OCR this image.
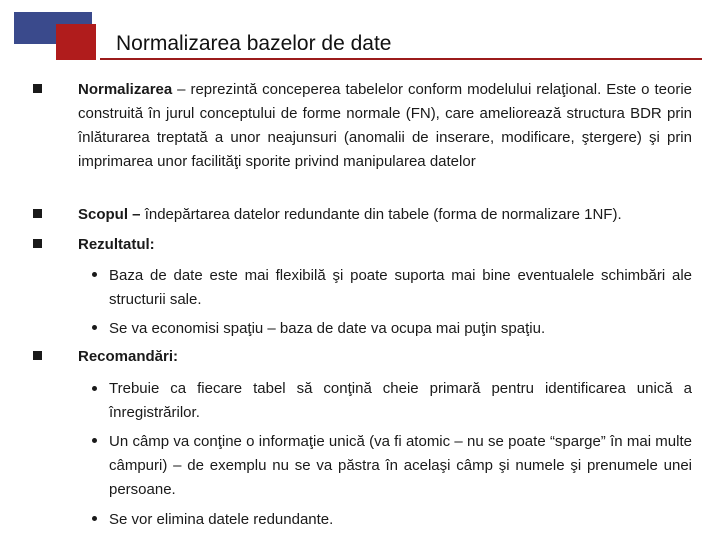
Normalizarea bazelor de date
Normalizarea – reprezintă conceperea tabelelor conform modelului relaţional. Este o teorie construită în jurul conceptului de forme normale (FN), care ameliorează structura BDR prin înlăturarea treptată a unor neajunsuri (anomalii de inserare, modificare, ştergere) şi prin imprimarea unor facilităţi sporite privind manipularea datelor
Scopul – îndepărtarea datelor redundante din tabele (forma de normalizare 1NF).
Rezultatul:
Baza de date este mai flexibilă şi poate suporta mai bine eventualele schimbări ale structurii sale.
Se va economisi spaţiu – baza de date va ocupa mai puţin spaţiu.
Recomandări:
Trebuie ca fiecare tabel să conţină cheie primară pentru identificarea unică a înregistrărilor.
Un câmp va conţine o informaţie unică (va fi atomic – nu se poate “sparge” în mai multe câmpuri) – de exemplu nu se va păstra în acelaşi câmp şi numele şi prenumele unei persoane.
Se vor elimina datele redundante.
